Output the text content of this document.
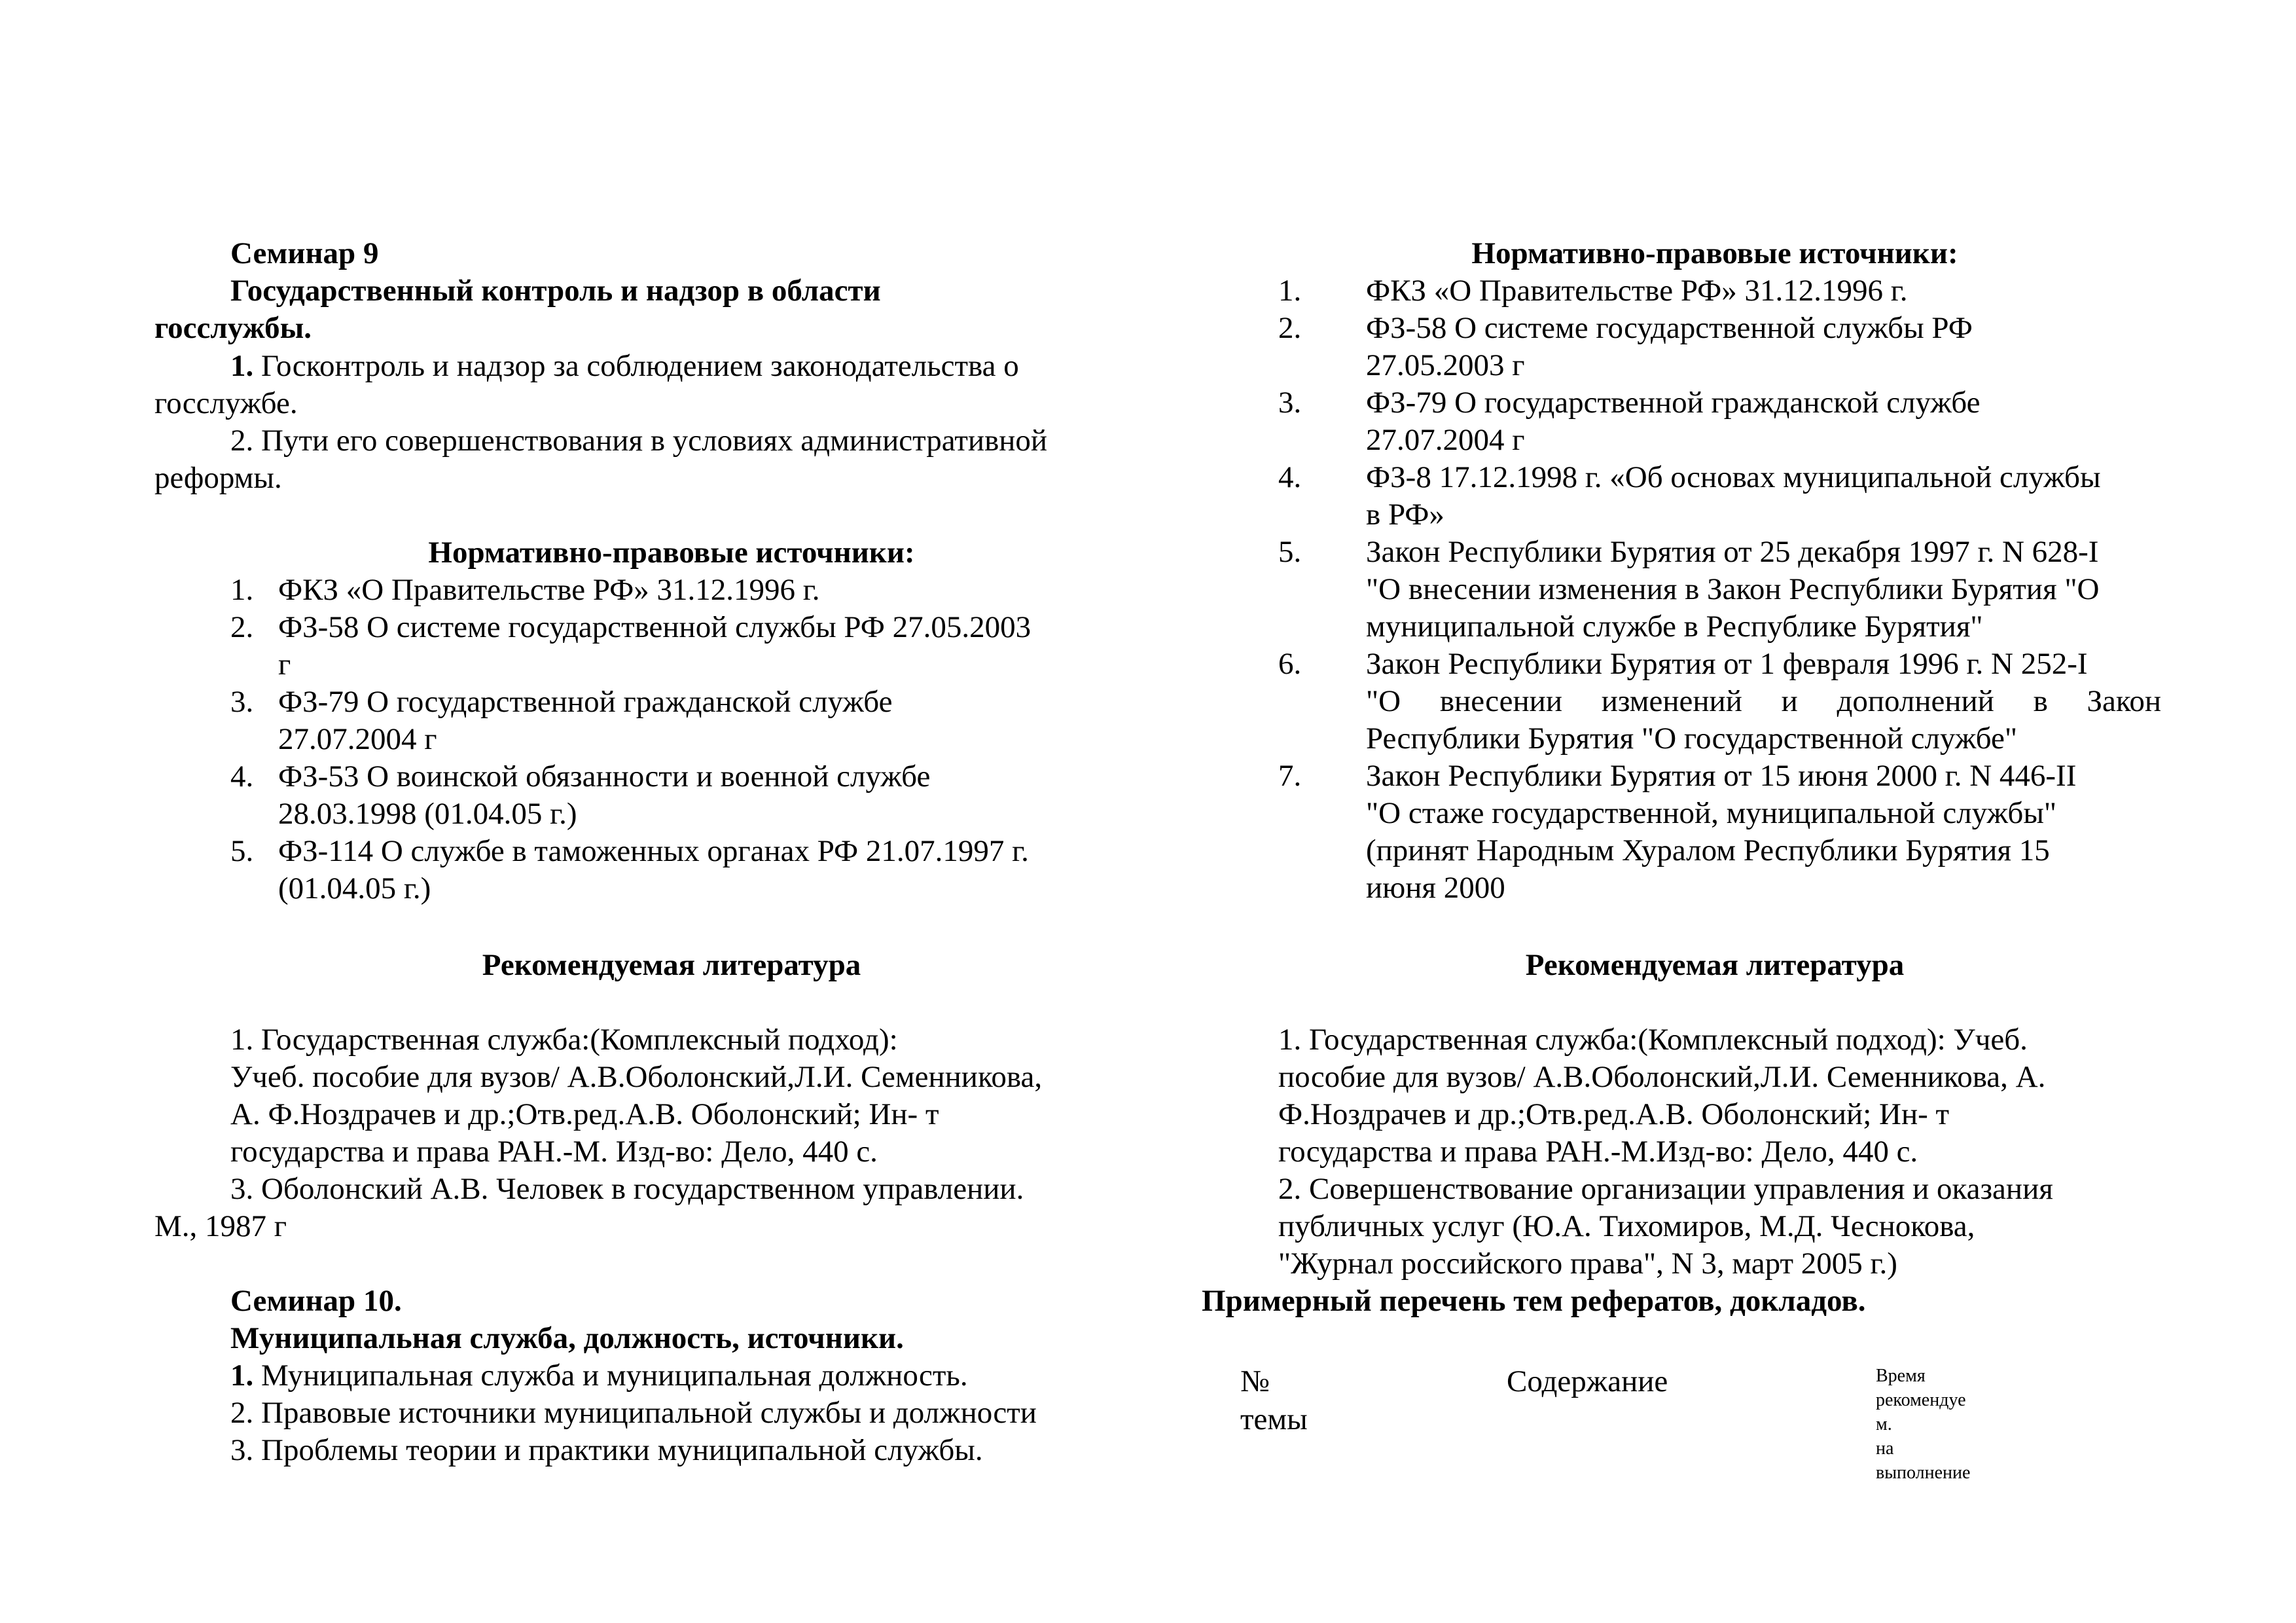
Семинар 9
Государственный контроль и надзор в области
госслужбы.
1. Госконтроль и надзор за соблюдением законодательства о
госслужбе.
2. Пути его совершенствования в условиях административной
реформы.
Нормативно-правовые источники:
1. ФКЗ «О Правительстве РФ» 31.12.1996 г.
2. ФЗ-58 О системе государственной службы РФ 27.05.2003
г
3. ФЗ-79 О государственной гражданской службе
27.07.2004 г
4. ФЗ-53 О воинской обязанности и военной службе
28.03.1998 (01.04.05 г.)
5. ФЗ-114 О службе в таможенных органах РФ 21.07.1997 г.
(01.04.05 г.)
Рекомендуемая литература
1. Государственная служба:(Комплексный подход):
Учеб. пособие для вузов/ А.В.Оболонский,Л.И. Семенникова,
А. Ф.Ноздрачев и др.;Отв.ред.А.В. Оболонский; Ин- т
государства и права РАН.-М. Изд-во: Дело, 440 с.
3. Оболонский А.В. Человек в государственном управлении.
М., 1987 г
Семинар 10.
Муниципальная служба, должность, источники.
1. Муниципальная служба и муниципальная должность.
2. Правовые источники муниципальной службы и должности
3. Проблемы теории и практики муниципальной службы.
Нормативно-правовые источники:
1. ФКЗ «О Правительстве РФ» 31.12.1996 г.
2. ФЗ-58 О системе государственной службы РФ
27.05.2003 г
3. ФЗ-79 О государственной гражданской службе
27.07.2004 г
4. ФЗ-8 17.12.1998 г. «Об основах муниципальной службы
в РФ»
5. Закон Республики Бурятия от 25 декабря 1997 г. N 628-I
"О внесении изменения в Закон Республики Бурятия "О
муниципальной службе в Республике Бурятия"
6. Закон Республики Бурятия от 1 февраля 1996 г. N 252-I
"О внесении изменений и дополнений в Закон
Республики Бурятия "О государственной службе"
7. Закон Республики Бурятия от 15 июня 2000 г. N 446-II
"О стаже государственной, муниципальной службы"
(принят Народным Хуралом Республики Бурятия 15
июня 2000
Рекомендуемая литература
1. Государственная служба:(Комплексный подход): Учеб.
пособие для вузов/ А.В.Оболонский,Л.И. Семенникова, А.
Ф.Ноздрачев и др.;Отв.ред.А.В. Оболонский; Ин- т
государства и права РАН.-М.Изд-во: Дело, 440 с.
2. Совершенствование организации управления и оказания
публичных услуг (Ю.А. Тихомиров, М.Д. Чеснокова,
"Журнал российского права", N 3, март 2005 г.)
Примерный перечень тем рефератов, докладов.
№
темы
Содержание	Время
рекомендуе
м.
на
выполнение
